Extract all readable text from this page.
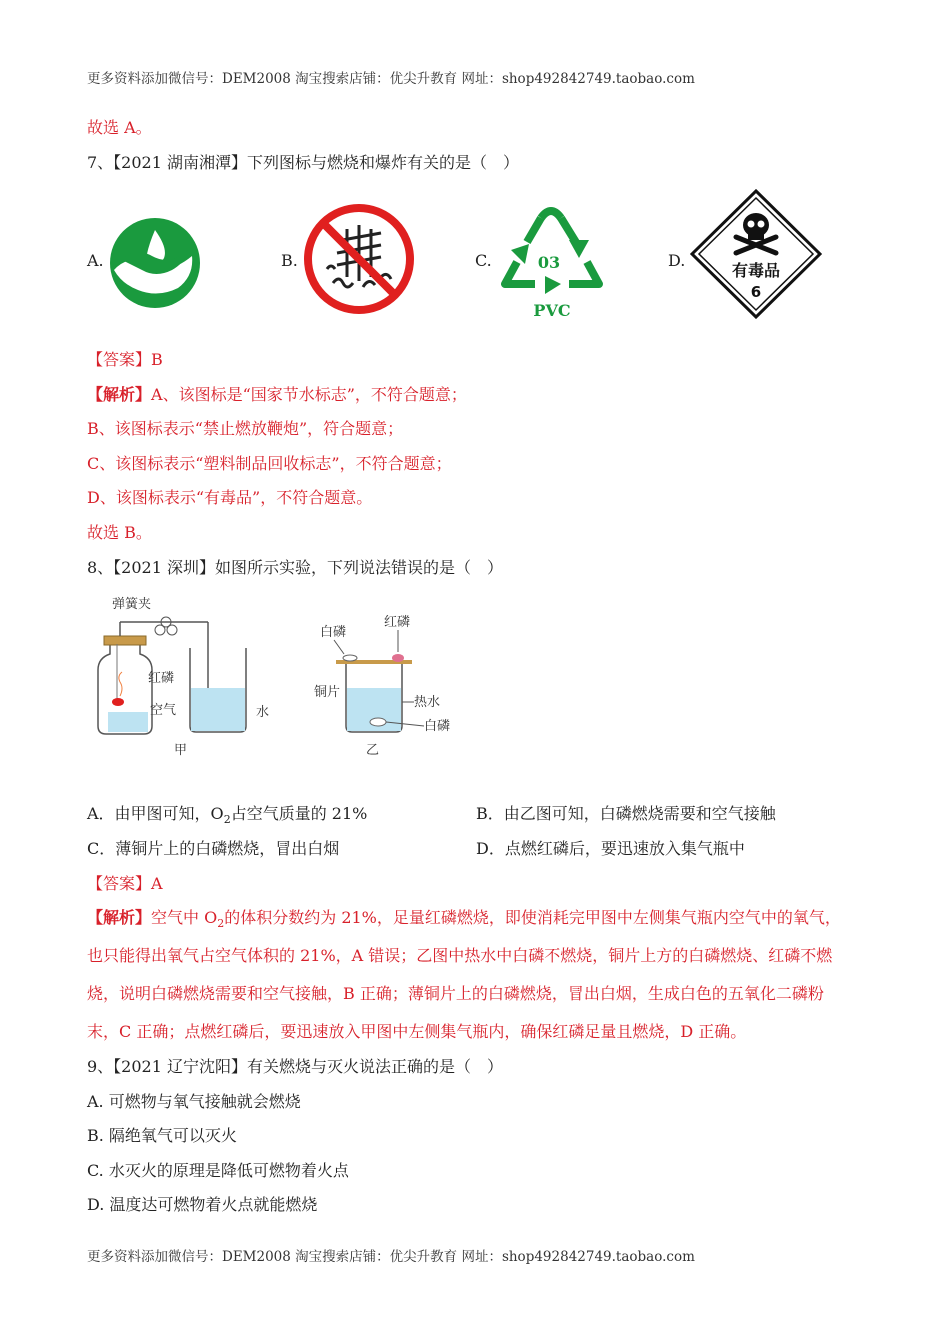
更多资料添加微信号：DEM2008 淘宝搜索店铺：优尖升教育 网址：shop492842749.taobao.com
故选 A。
7、【2021 湖南湘潭】下列图标与燃烧和爆炸有关的是（　）
A.	B.	C.	03
PVC
D.
有毒品
6
【答案】B
【解析】A、该图标是“国家节水标志”，不符合题意；
B、该图标表示“禁止燃放鞭炮”，符合题意；
C、该图标表示“塑料制品回收标志”，不符合题意；
D、该图标表示“有毒品”，不符合题意。
故选 B。
8、【2021 深圳】如图所示实验，下列说法错误的是（　）
弹簧夹
红磷
空气	水
甲
白磷
红磷
铜片
热水
白磷
乙
A．由甲图可知，$O_2$占空气质量的 21%	B．由乙图可知，白磷燃烧需要和空气接触
C．薄铜片上的白磷燃烧，冒出白烟	D．点燃红磷后，要迅速放入集气瓶中
【答案】A
【解析】空气中 $O_2$的体积分数约为 21%，足量红磷燃烧，即使消耗完甲图中左侧集气瓶内空气中的氧气，
也只能得出氧气占空气体积的 21%，A 错误；乙图中热水中白磷不燃烧，铜片上方的白磷燃烧、红磷不燃
烧，说明白磷燃烧需要和空气接触，B 正确；薄铜片上的白磷燃烧，冒出白烟，生成白色的五氧化二磷粉
末，C 正确；点燃红磷后，要迅速放入甲图中左侧集气瓶内，确保红磷足量且燃烧，D 正确。
9、【2021 辽宁沈阳】有关燃烧与灭火说法正确的是（　）
A. 可燃物与氧气接触就会燃烧
B. 隔绝氧气可以灭火
C. 水灭火的原理是降低可燃物着火点
D. 温度达可燃物着火点就能燃烧
更多资料添加微信号：DEM2008 淘宝搜索店铺：优尖升教育 网址：shop492842749.taobao.com
